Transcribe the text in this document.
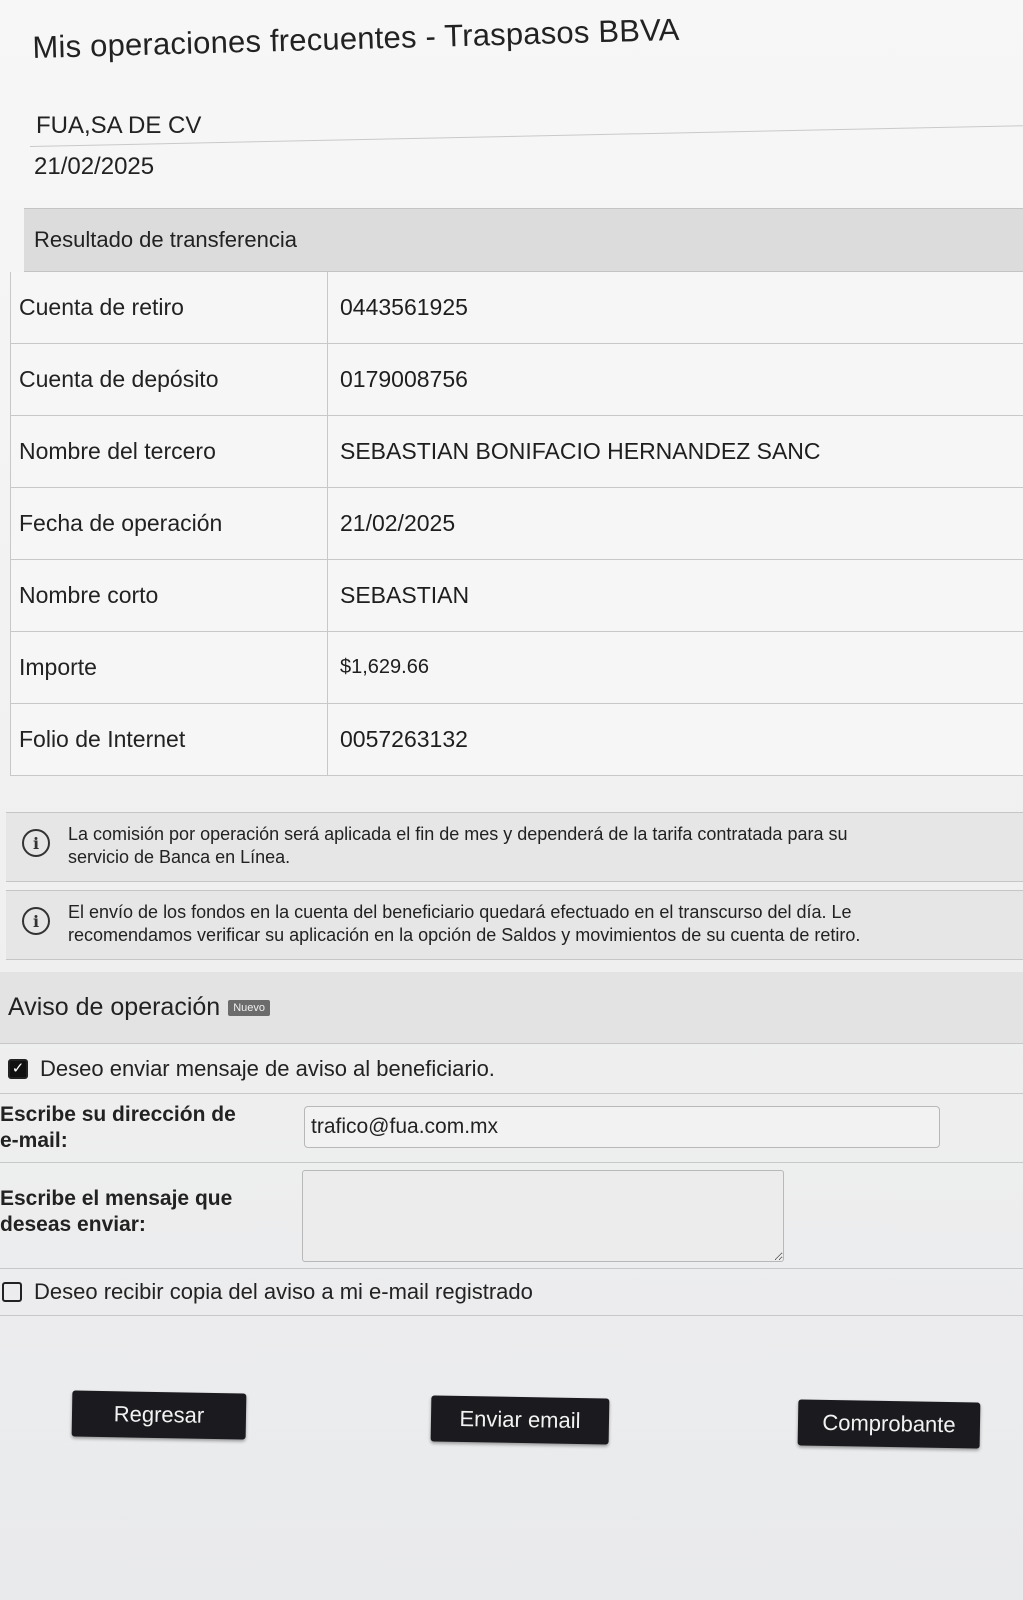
Mis operaciones frecuentes - Traspasos BBVA
FUA,SA DE CV
21/02/2025
Resultado de transferencia
Cuenta de retiro	0443561925
Cuenta de depósito	0179008756
Nombre del tercero	SEBASTIAN BONIFACIO HERNANDEZ SANC
Fecha de operación	21/02/2025
Nombre corto	SEBASTIAN
Importe	$1,629.66
Folio de Internet	0057263132
i	La comisión por operación será aplicada el fin de mes y dependerá de la tarifa contratada para su
servicio de Banca en Línea.
i	El envío de los fondos en la cuenta del beneficiario quedará efectuado en el transcurso del día. Le
recomendamos verificar su aplicación en la opción de Saldos y movimientos de su cuenta de retiro.
Aviso de operación	Nuevo
✓ Deseo enviar mensaje de aviso al beneficiario.
Escribe su dirección de
e-mail:
trafico@fua.com.mx
Escribe el mensaje que
deseas enviar:
Deseo recibir copia del aviso a mi e-mail registrado
Regresar	Enviar email	Comprobante
